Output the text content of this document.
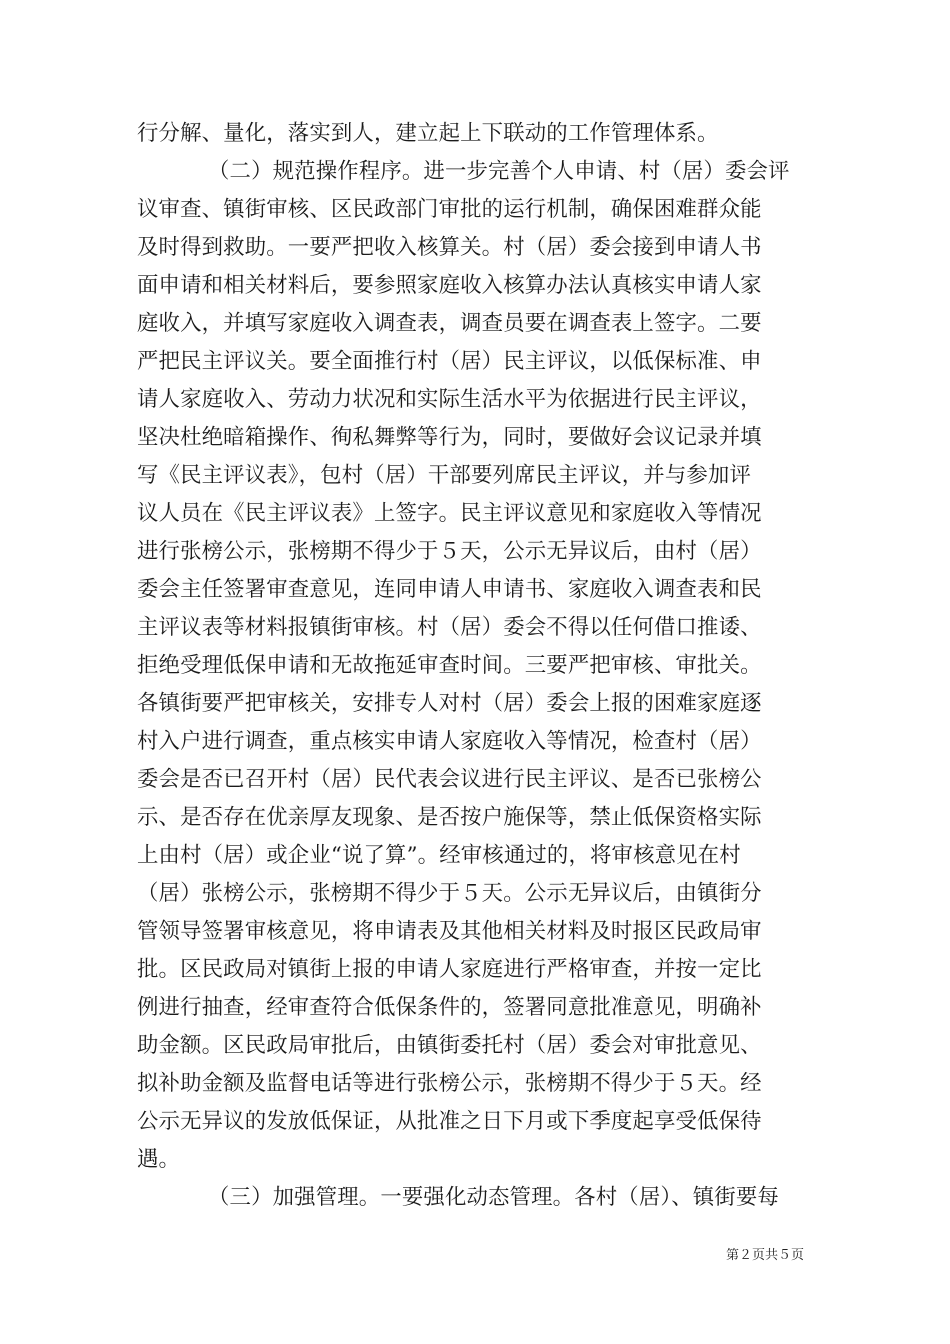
行分解、量化，落实到人，建立起上下联动的工作管理体系。
（二）规范操作程序。进一步完善个人申请、村（居）委会评
议审查、镇街审核、区民政部门审批的运行机制，确保困难群众能
及时得到救助。一要严把收入核算关。村（居）委会接到申请人书
面申请和相关材料后，要参照家庭收入核算办法认真核实申请人家
庭收入，并填写家庭收入调查表，调查员要在调查表上签字。二要
严把民主评议关。要全面推行村（居）民主评议，以低保标准、申
请人家庭收入、劳动力状况和实际生活水平为依据进行民主评议，
坚决杜绝暗箱操作、徇私舞弊等行为，同时，要做好会议记录并填
写《民主评议表》，包村（居）干部要列席民主评议，并与参加评
议人员在《民主评议表》上签字。民主评议意见和家庭收入等情况
进行张榜公示，张榜期不得少于５天，公示无异议后，由村（居）
委会主任签署审查意见，连同申请人申请书、家庭收入调查表和民
主评议表等材料报镇街审核。村（居）委会不得以任何借口推诿、
拒绝受理低保申请和无故拖延审查时间。三要严把审核、审批关。
各镇街要严把审核关，安排专人对村（居）委会上报的困难家庭逐
村入户进行调查，重点核实申请人家庭收入等情况，检查村（居）
委会是否已召开村（居）民代表会议进行民主评议、是否已张榜公
示、是否存在优亲厚友现象、是否按户施保等，禁止低保资格实际
上由村（居）或企业“说了算”。经审核通过的，将审核意见在村
（居）张榜公示，张榜期不得少于５天。公示无异议后，由镇街分
管领导签署审核意见，将申请表及其他相关材料及时报区民政局审
批。区民政局对镇街上报的申请人家庭进行严格审查，并按一定比
例进行抽查，经审查符合低保条件的，签署同意批准意见，明确补
助金额。区民政局审批后，由镇街委托村（居）委会对审批意见、
拟补助金额及监督电话等进行张榜公示，张榜期不得少于５天。经
公示无异议的发放低保证，从批准之日下月或下季度起享受低保待
遇。
（三）加强管理。一要强化动态管理。各村（居）、镇街要每
第２页共５页
